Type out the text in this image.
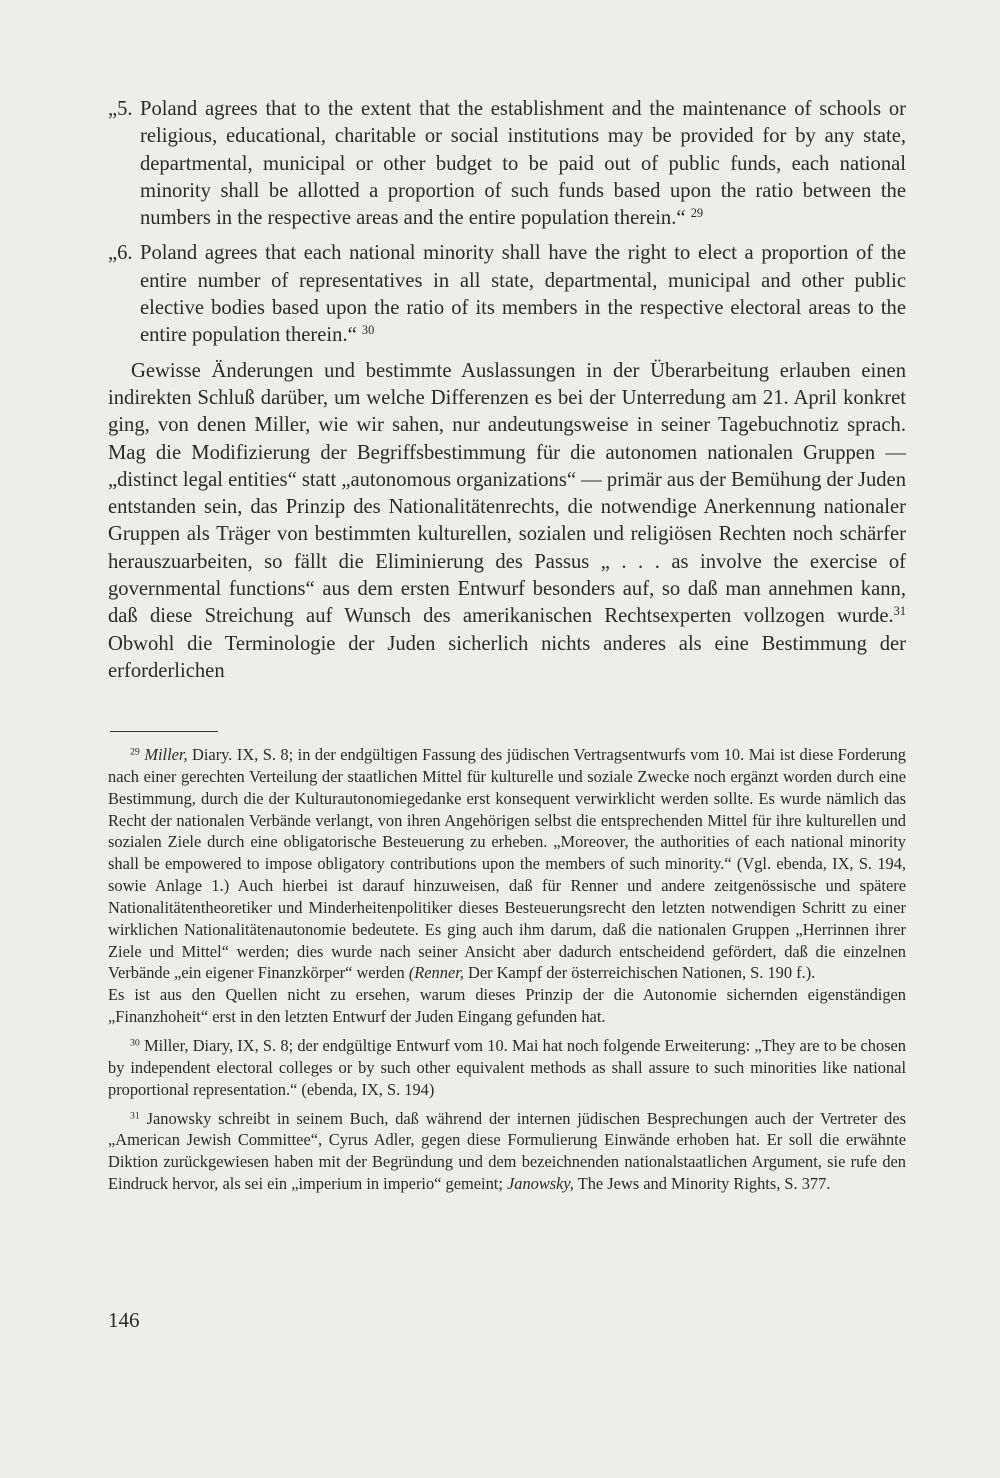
„5. Poland agrees that to the extent that the establishment and the maintenance of schools or religious, educational, charitable or social institutions may be provided for by any state, departmental, municipal or other budget to be paid out of public funds, each national minority shall be allotted a proportion of such funds based upon the ratio between the numbers in the respective areas and the entire population therein.“ $^{29}$

„6. Poland agrees that each national minority shall have the right to elect a proportion of the entire number of representatives in all state, departmental, municipal and other public elective bodies based upon the ratio of its members in the respective electoral areas to the entire population therein.“ $^{30}$

Gewisse Änderungen und bestimmte Auslassungen in der Überarbeitung erlauben einen indirekten Schluß darüber, um welche Differenzen es bei der Unterredung am 21. April konkret ging, von denen Miller, wie wir sahen, nur andeutungsweise in seiner Tagebuchnotiz sprach. Mag die Modifizierung der Begriffsbestimmung für die autonomen nationalen Gruppen — „distinct legal entities“ statt „autonomous organizations“ — primär aus der Bemühung der Juden entstanden sein, das Prinzip des Nationalitätenrechts, die notwendige Anerkennung nationaler Gruppen als Träger von bestimmten kulturellen, sozialen und religiösen Rechten noch schärfer herauszuarbeiten, so fällt die Eliminierung des Passus „ . . . as involve the exercise of governmental functions“ aus dem ersten Entwurf besonders auf, so daß man annehmen kann, daß diese Streichung auf Wunsch des amerikanischen Rechtsexperten vollzogen wurde.$^{31}$ Obwohl die Terminologie der Juden sicherlich nichts anderes als eine Bestimmung der erforderlichen

$^{29}$ Miller, Diary. IX, S. 8; in der endgültigen Fassung des jüdischen Vertragsentwurfs vom 10. Mai ist diese Forderung nach einer gerechten Verteilung der staatlichen Mittel für kulturelle und soziale Zwecke noch ergänzt worden durch eine Bestimmung, durch die der Kulturautonomiegedanke erst konsequent verwirklicht werden sollte. Es wurde nämlich das Recht der nationalen Verbände verlangt, von ihren Angehörigen selbst die entsprechenden Mittel für ihre kulturellen und sozialen Ziele durch eine obligatorische Besteuerung zu erheben. „Moreover, the authorities of each national minority shall be empowered to impose obligatory contributions upon the members of such minority.“ (Vgl. ebenda, IX, S. 194, sowie Anlage 1.) Auch hierbei ist darauf hinzuweisen, daß für Renner und andere zeitgenössische und spätere Nationalitätentheoretiker und Minderheitenpolitiker dieses Besteuerungsrecht den letzten notwendigen Schritt zu einer wirklichen Nationalitätenautonomie bedeutete. Es ging auch ihm darum, daß die nationalen Gruppen „Herrinnen ihrer Ziele und Mittel“ werden; dies wurde nach seiner Ansicht aber dadurch entscheidend gefördert, daß die einzelnen Verbände „ein eigener Finanzkörper“ werden (Renner, Der Kampf der österreichischen Nationen, S. 190 f.).

Es ist aus den Quellen nicht zu ersehen, warum dieses Prinzip der die Autonomie sichernden eigenständigen „Finanzhoheit“ erst in den letzten Entwurf der Juden Eingang gefunden hat.

$^{30}$ Miller, Diary, IX, S. 8; der endgültige Entwurf vom 10. Mai hat noch folgende Erweiterung: „They are to be chosen by independent electoral colleges or by such other equivalent methods as shall assure to such minorities like national proportional representation.“ (ebenda, IX, S. 194)

$^{31}$ Janowsky schreibt in seinem Buch, daß während der internen jüdischen Besprechungen auch der Vertreter des „American Jewish Committee“, Cyrus Adler, gegen diese Formulierung Einwände erhoben hat. Er soll die erwähnte Diktion zurückgewiesen haben mit der Begründung und dem bezeichnenden nationalstaatlichen Argument, sie rufe den Eindruck hervor, als sei ein „imperium in imperio“ gemeint; Janowsky, The Jews and Minority Rights, S. 377.

146
